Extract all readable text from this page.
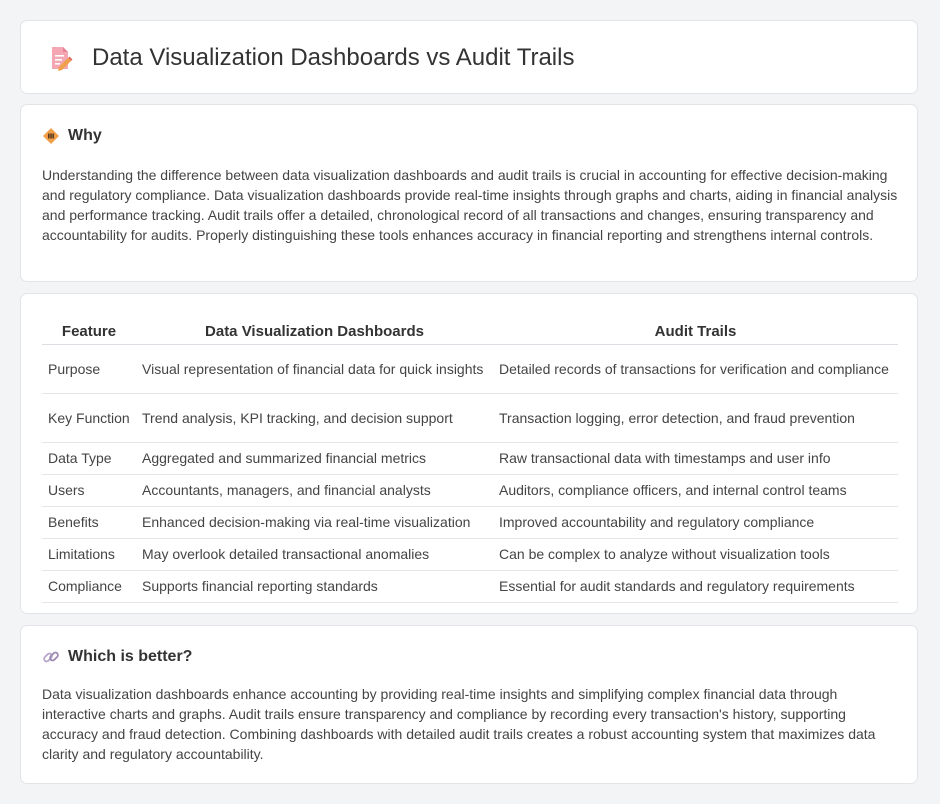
Data Visualization Dashboards vs Audit Trails
Why

Understanding the difference between data visualization dashboards and audit trails is crucial in accounting for effective decision-making and regulatory compliance. Data visualization dashboards provide real-time insights through graphs and charts, aiding in financial analysis and performance tracking. Audit trails offer a detailed, chronological record of all transactions and changes, ensuring transparency and accountability for audits. Properly distinguishing these tools enhances accuracy in financial reporting and strengthens internal controls.

Feature	Data Visualization Dashboards	Audit Trails
Purpose	Visual representation of financial data for quick insights	Detailed records of transactions for verification and compliance
Key Function	Trend analysis, KPI tracking, and decision support	Transaction logging, error detection, and fraud prevention
Data Type	Aggregated and summarized financial metrics	Raw transactional data with timestamps and user info
Users	Accountants, managers, and financial analysts	Auditors, compliance officers, and internal control teams
Benefits	Enhanced decision-making via real-time visualization	Improved accountability and regulatory compliance
Limitations	May overlook detailed transactional anomalies	Can be complex to analyze without visualization tools
Compliance	Supports financial reporting standards	Essential for audit standards and regulatory requirements
Which is better?

Data visualization dashboards enhance accounting by providing real-time insights and simplifying complex financial data through interactive charts and graphs. Audit trails ensure transparency and compliance by recording every transaction's history, supporting accuracy and fraud detection. Combining dashboards with detailed audit trails creates a robust accounting system that maximizes data clarity and regulatory accountability.
